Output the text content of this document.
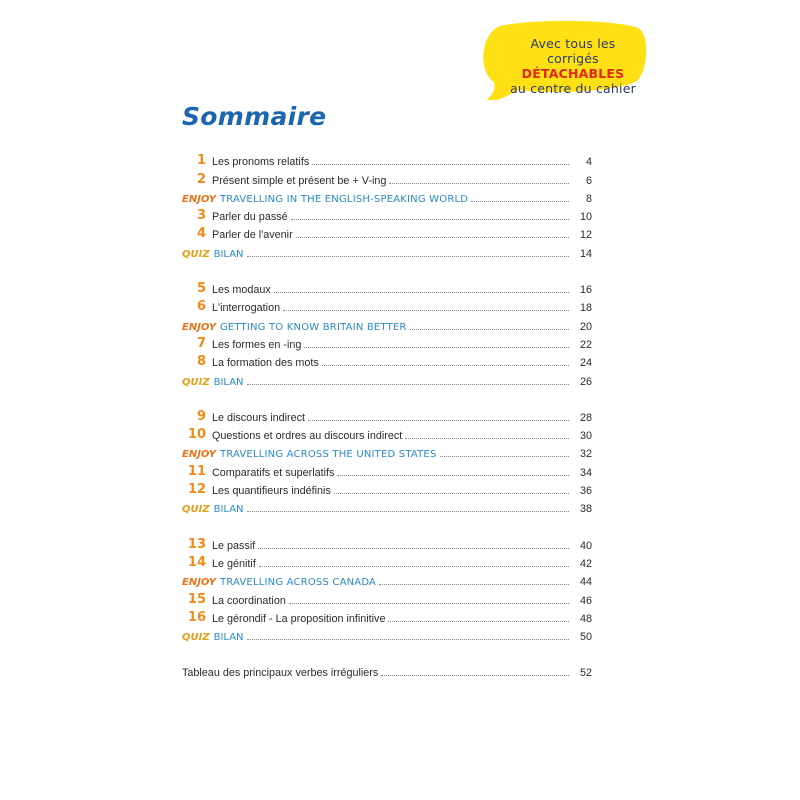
Avec tous les
corrigés DÉTACHABLES
au centre du cahier
Sommaire
1 Les pronoms relatifs	4
2 Présent simple et présent be + V-ing	6
ENJOY TRAVELLING IN THE ENGLISH-SPEAKING WORLD	8
3 Parler du passé	10
4 Parler de l'avenir	12
QUIZ BILAN	14
5 Les modaux	16
6 L'interrogation	18
ENJOY GETTING TO KNOW BRITAIN BETTER	20
7 Les formes en -ing	22
8 La formation des mots	24
QUIZ BILAN	26
9 Le discours indirect	28
10 Questions et ordres au discours indirect	30
ENJOY TRAVELLING ACROSS THE UNITED STATES	32
11 Comparatifs et superlatifs	34
12 Les quantifieurs indéfinis	36
QUIZ BILAN	38
13 Le passif	40
14 Le génitif	42
ENJOY TRAVELLING ACROSS CANADA	44
15 La coordination	46
16 Le gérondif - La proposition infinitive	48
QUIZ BILAN	50
Tableau des principaux verbes irréguliers	52
